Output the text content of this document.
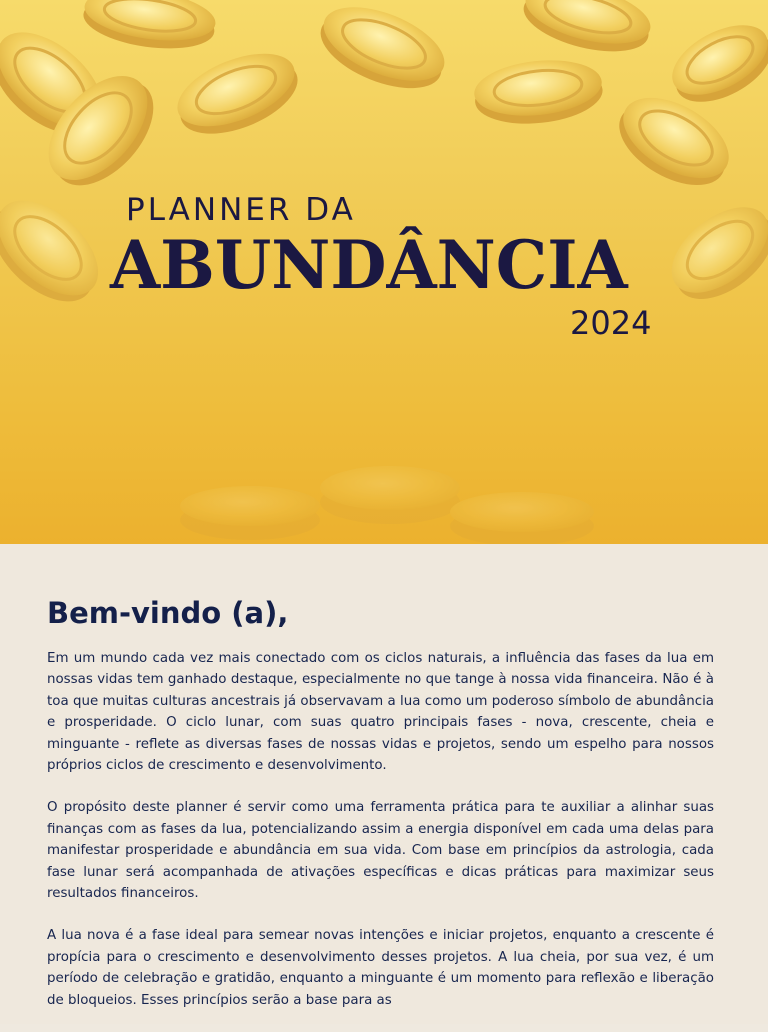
PLANNER DA
ABUNDÂNCIA
2024
Bem-vindo (a),

Em um mundo cada vez mais conectado com os ciclos naturais, a influência das fases da lua em nossas vidas tem ganhado destaque, especialmente no que tange à nossa vida financeira. Não é à toa que muitas culturas ancestrais já observavam a lua como um poderoso símbolo de abundância e prosperidade. O ciclo lunar, com suas quatro principais fases - nova, crescente, cheia e minguante - reflete as diversas fases de nossas vidas e projetos, sendo um espelho para nossos próprios ciclos de crescimento e desenvolvimento.

O propósito deste planner é servir como uma ferramenta prática para te auxiliar a alinhar suas finanças com as fases da lua, potencializando assim a energia disponível em cada uma delas para manifestar prosperidade e abundância em sua vida. Com base em princípios da astrologia, cada fase lunar será acompanhada de ativações específicas e dicas práticas para maximizar seus resultados financeiros.

A lua nova é a fase ideal para semear novas intenções e iniciar projetos, enquanto a crescente é propícia para o crescimento e desenvolvimento desses projetos. A lua cheia, por sua vez, é um período de celebração e gratidão, enquanto a minguante é um momento para reflexão e liberação de bloqueios. Esses princípios serão a base para as
